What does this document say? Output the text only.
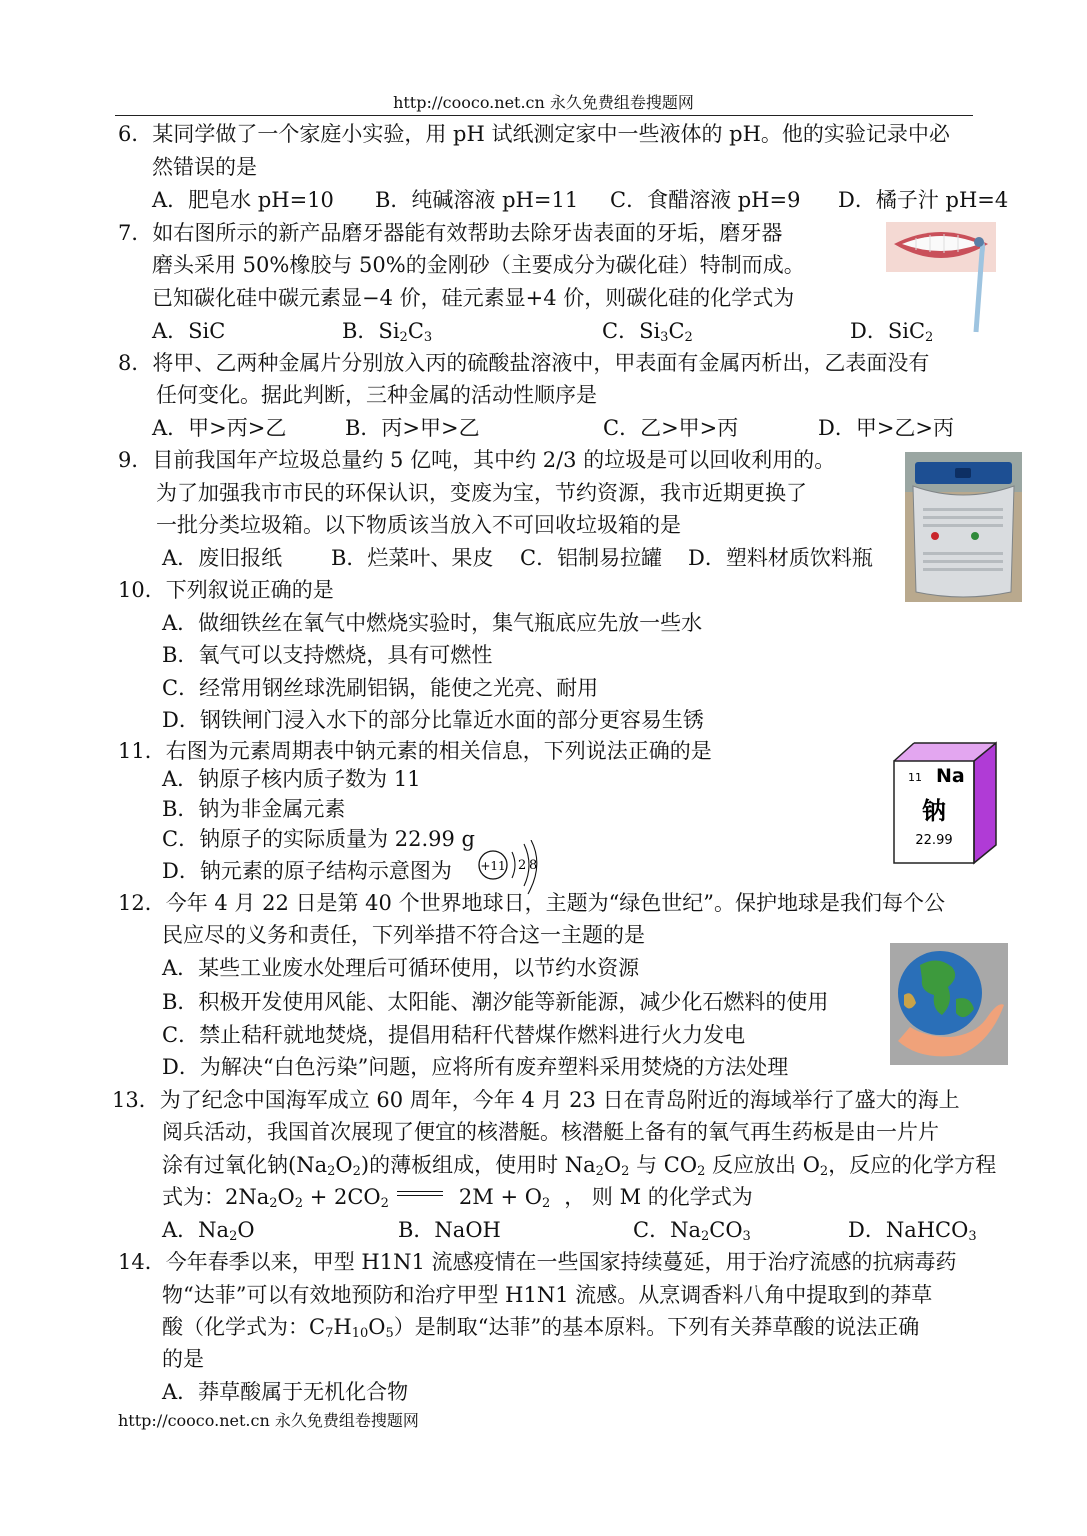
http://cooco.net.cn 永久免费组卷搜题网
6．某同学做了一个家庭小实验，用 pH 试纸测定家中一些液体的 pH。他的实验记录中必
然错误的是
A．肥皂水 pH=10 B．纯碱溶液 pH=11 C．食醋溶液 pH=9 D．橘子汁 pH=4
7．如右图所示的新产品磨牙器能有效帮助去除牙齿表面的牙垢，磨牙器
磨头采用 50%橡胶与 50%的金刚砂（主要成分为碳化硅）特制而成。
已知碳化硅中碳元素显−4 价，硅元素显+4 价，则碳化硅的化学式为
A．SiC	B．$Si_2C_3$	C．$Si_3C_2$	D．SiC$_2$
8．将甲、乙两种金属片分别放入丙的硫酸盐溶液中，甲表面有金属丙析出，乙表面没有
任何变化。据此判断，三种金属的活动性顺序是
A．甲>丙>乙	B．丙>甲>乙	C．乙>甲>丙	D．甲>乙>丙
9．目前我国年产垃圾总量约 5 亿吨，其中约 2/3 的垃圾是可以回收利用的。
为了加强我市市民的环保认识，变废为宝，节约资源，我市近期更换了
一批分类垃圾箱。以下物质该当放入不可回收垃圾箱的是
A．废旧报纸 B．烂菜叶、果皮 C．铝制易拉罐 D．塑料材质饮料瓶
10．下列叙说正确的是
A．做细铁丝在氧气中燃烧实验时，集气瓶底应先放一些水
B．氧气可以支持燃烧，具有可燃性
C．经常用钢丝球洗刷铝锅，能使之光亮、耐用
D．钢铁闸门浸入水下的部分比靠近水面的部分更容易生锈
11．右图为元素周期表中钠元素的相关信息，下列说法正确的是
A．钠原子核内质子数为 11
B．钠为非金属元素
C．钠原子的实际质量为 22.99 g
D．钠元素的原子结构示意图为 +11 2 8
11 Na
钠
22.99
12．今年 4 月 22 日是第 40 个世界地球日，主题为“绿色世纪”。保护地球是我们每个公
民应尽的义务和责任，下列举措不符合这一主题的是
A．某些工业废水处理后可循环使用，以节约水资源
B．积极开发使用风能、太阳能、潮汐能等新能源，减少化石燃料的使用
C．禁止秸秆就地焚烧，提倡用秸秆代替煤作燃料进行火力发电
D．为解决“白色污染”问题，应将所有废弃塑料采用焚烧的方法处理
13．为了纪念中国海军成立 60 周年，今年 4 月 23 日在青岛附近的海域举行了盛大的海上
阅兵活动，我国首次展现了便宜的核潜艇。核潜艇上备有的氧气再生药板是由一片片
涂有过氧化钠$(Na_2O_2)$的薄板组成，使用时 $Na_2O_2$ 与 $CO_2$ 反应放出 $O_2$，反应的化学方程
式为：$2Na_2O_2 + 2CO_2$	$2M + O_2$ ， 则 M 的化学式为
A．$Na_2O$	B．NaOH	C．$Na_2CO_3$	D．NaHCO$_3$
14．今年春季以来，甲型 H1N1 流感疫情在一些国家持续蔓延，用于治疗流感的抗病毒药
物“达菲”可以有效地预防和治疗甲型 H1N1 流感。从烹调香料八角中提取到的莽草
酸（化学式为：$C_7H_{10}O_5$）是制取“达菲”的基本原料。下列有关莽草酸的说法正确
的是
A．莽草酸属于无机化合物
http://cooco.net.cn 永久免费组卷搜题网
